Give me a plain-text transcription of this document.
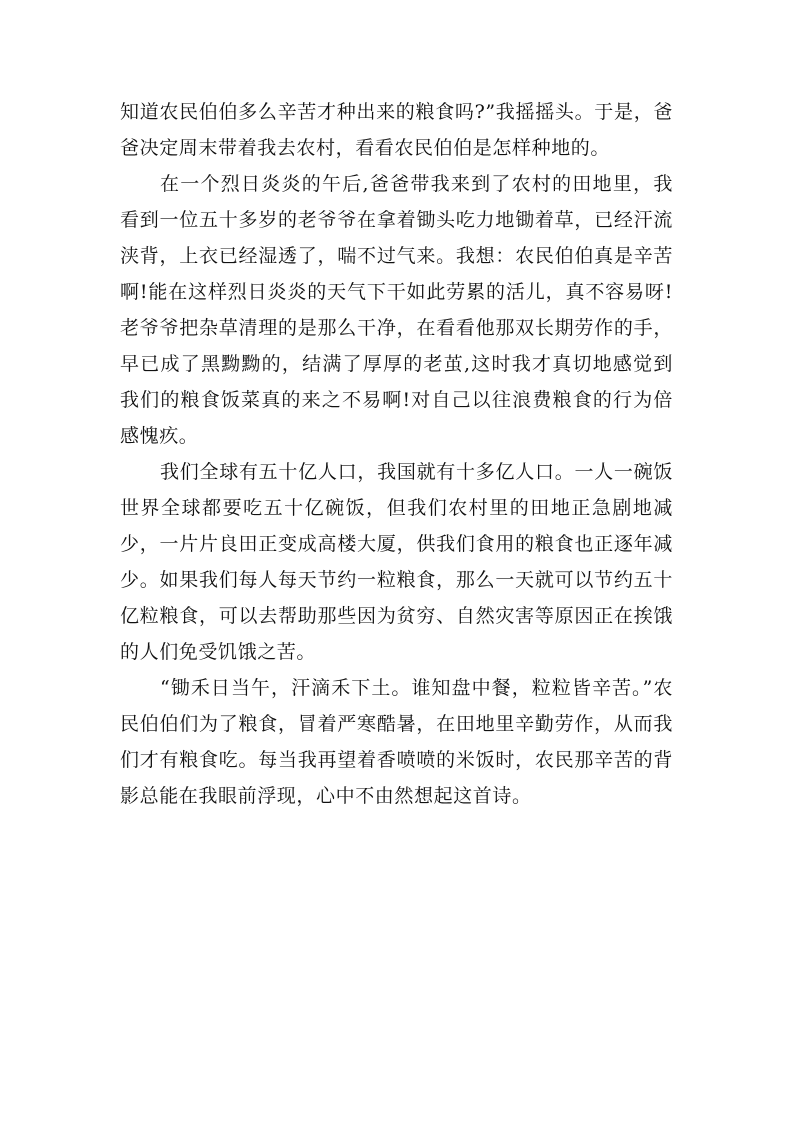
知道农民伯伯多么辛苦才种出来的粮食吗?”我摇摇头。于是，爸爸决定周末带着我去农村，看看农民伯伯是怎样种地的。

在一个烈日炎炎的午后,爸爸带我来到了农村的田地里，我看到一位五十多岁的老爷爷在拿着锄头吃力地锄着草，已经汗流浃背，上衣已经湿透了，喘不过气来。我想：农民伯伯真是辛苦啊!能在这样烈日炎炎的天气下干如此劳累的活儿，真不容易呀!老爷爷把杂草清理的是那么干净，在看看他那双长期劳作的手，早已成了黑黝黝的，结满了厚厚的老茧,这时我才真切地感觉到我们的粮食饭菜真的来之不易啊!对自己以往浪费粮食的行为倍感愧疚。

我们全球有五十亿人口，我国就有十多亿人口。一人一碗饭世界全球都要吃五十亿碗饭，但我们农村里的田地正急剧地减少，一片片良田正变成高楼大厦，供我们食用的粮食也正逐年减少。如果我们每人每天节约一粒粮食，那么一天就可以节约五十亿粒粮食，可以去帮助那些因为贫穷、自然灾害等原因正在挨饿的人们免受饥饿之苦。

“锄禾日当午，汗滴禾下土。谁知盘中餐，粒粒皆辛苦。”农民伯伯们为了粮食，冒着严寒酷暑，在田地里辛勤劳作，从而我们才有粮食吃。每当我再望着香喷喷的米饭时，农民那辛苦的背影总能在我眼前浮现，心中不由然想起这首诗。
